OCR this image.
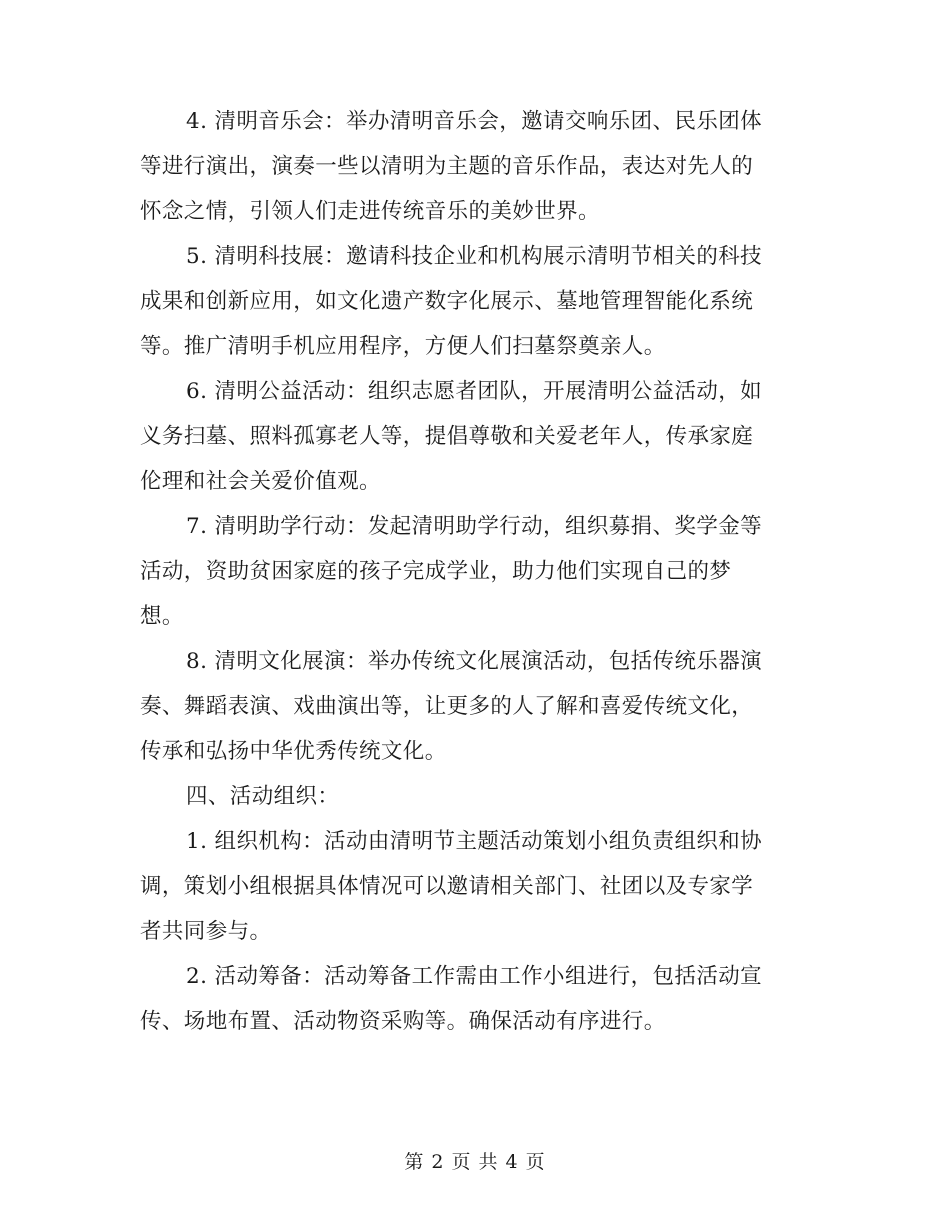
4. 清明音乐会：举办清明音乐会，邀请交响乐团、民乐团体
等进行演出，演奏一些以清明为主题的音乐作品，表达对先人的
怀念之情，引领人们走进传统音乐的美妙世界。

5. 清明科技展：邀请科技企业和机构展示清明节相关的科技
成果和创新应用，如文化遗产数字化展示、墓地管理智能化系统
等。推广清明手机应用程序，方便人们扫墓祭奠亲人。

6. 清明公益活动：组织志愿者团队，开展清明公益活动，如
义务扫墓、照料孤寡老人等，提倡尊敬和关爱老年人，传承家庭
伦理和社会关爱价值观。

7. 清明助学行动：发起清明助学行动，组织募捐、奖学金等
活动，资助贫困家庭的孩子完成学业，助力他们实现自己的梦
想。

8. 清明文化展演：举办传统文化展演活动，包括传统乐器演
奏、舞蹈表演、戏曲演出等，让更多的人了解和喜爱传统文化，
传承和弘扬中华优秀传统文化。

四、活动组织：

1. 组织机构：活动由清明节主题活动策划小组负责组织和协
调，策划小组根据具体情况可以邀请相关部门、社团以及专家学
者共同参与。

2. 活动筹备：活动筹备工作需由工作小组进行，包括活动宣
传、场地布置、活动物资采购等。确保活动有序进行。

第 2 页 共 4 页
